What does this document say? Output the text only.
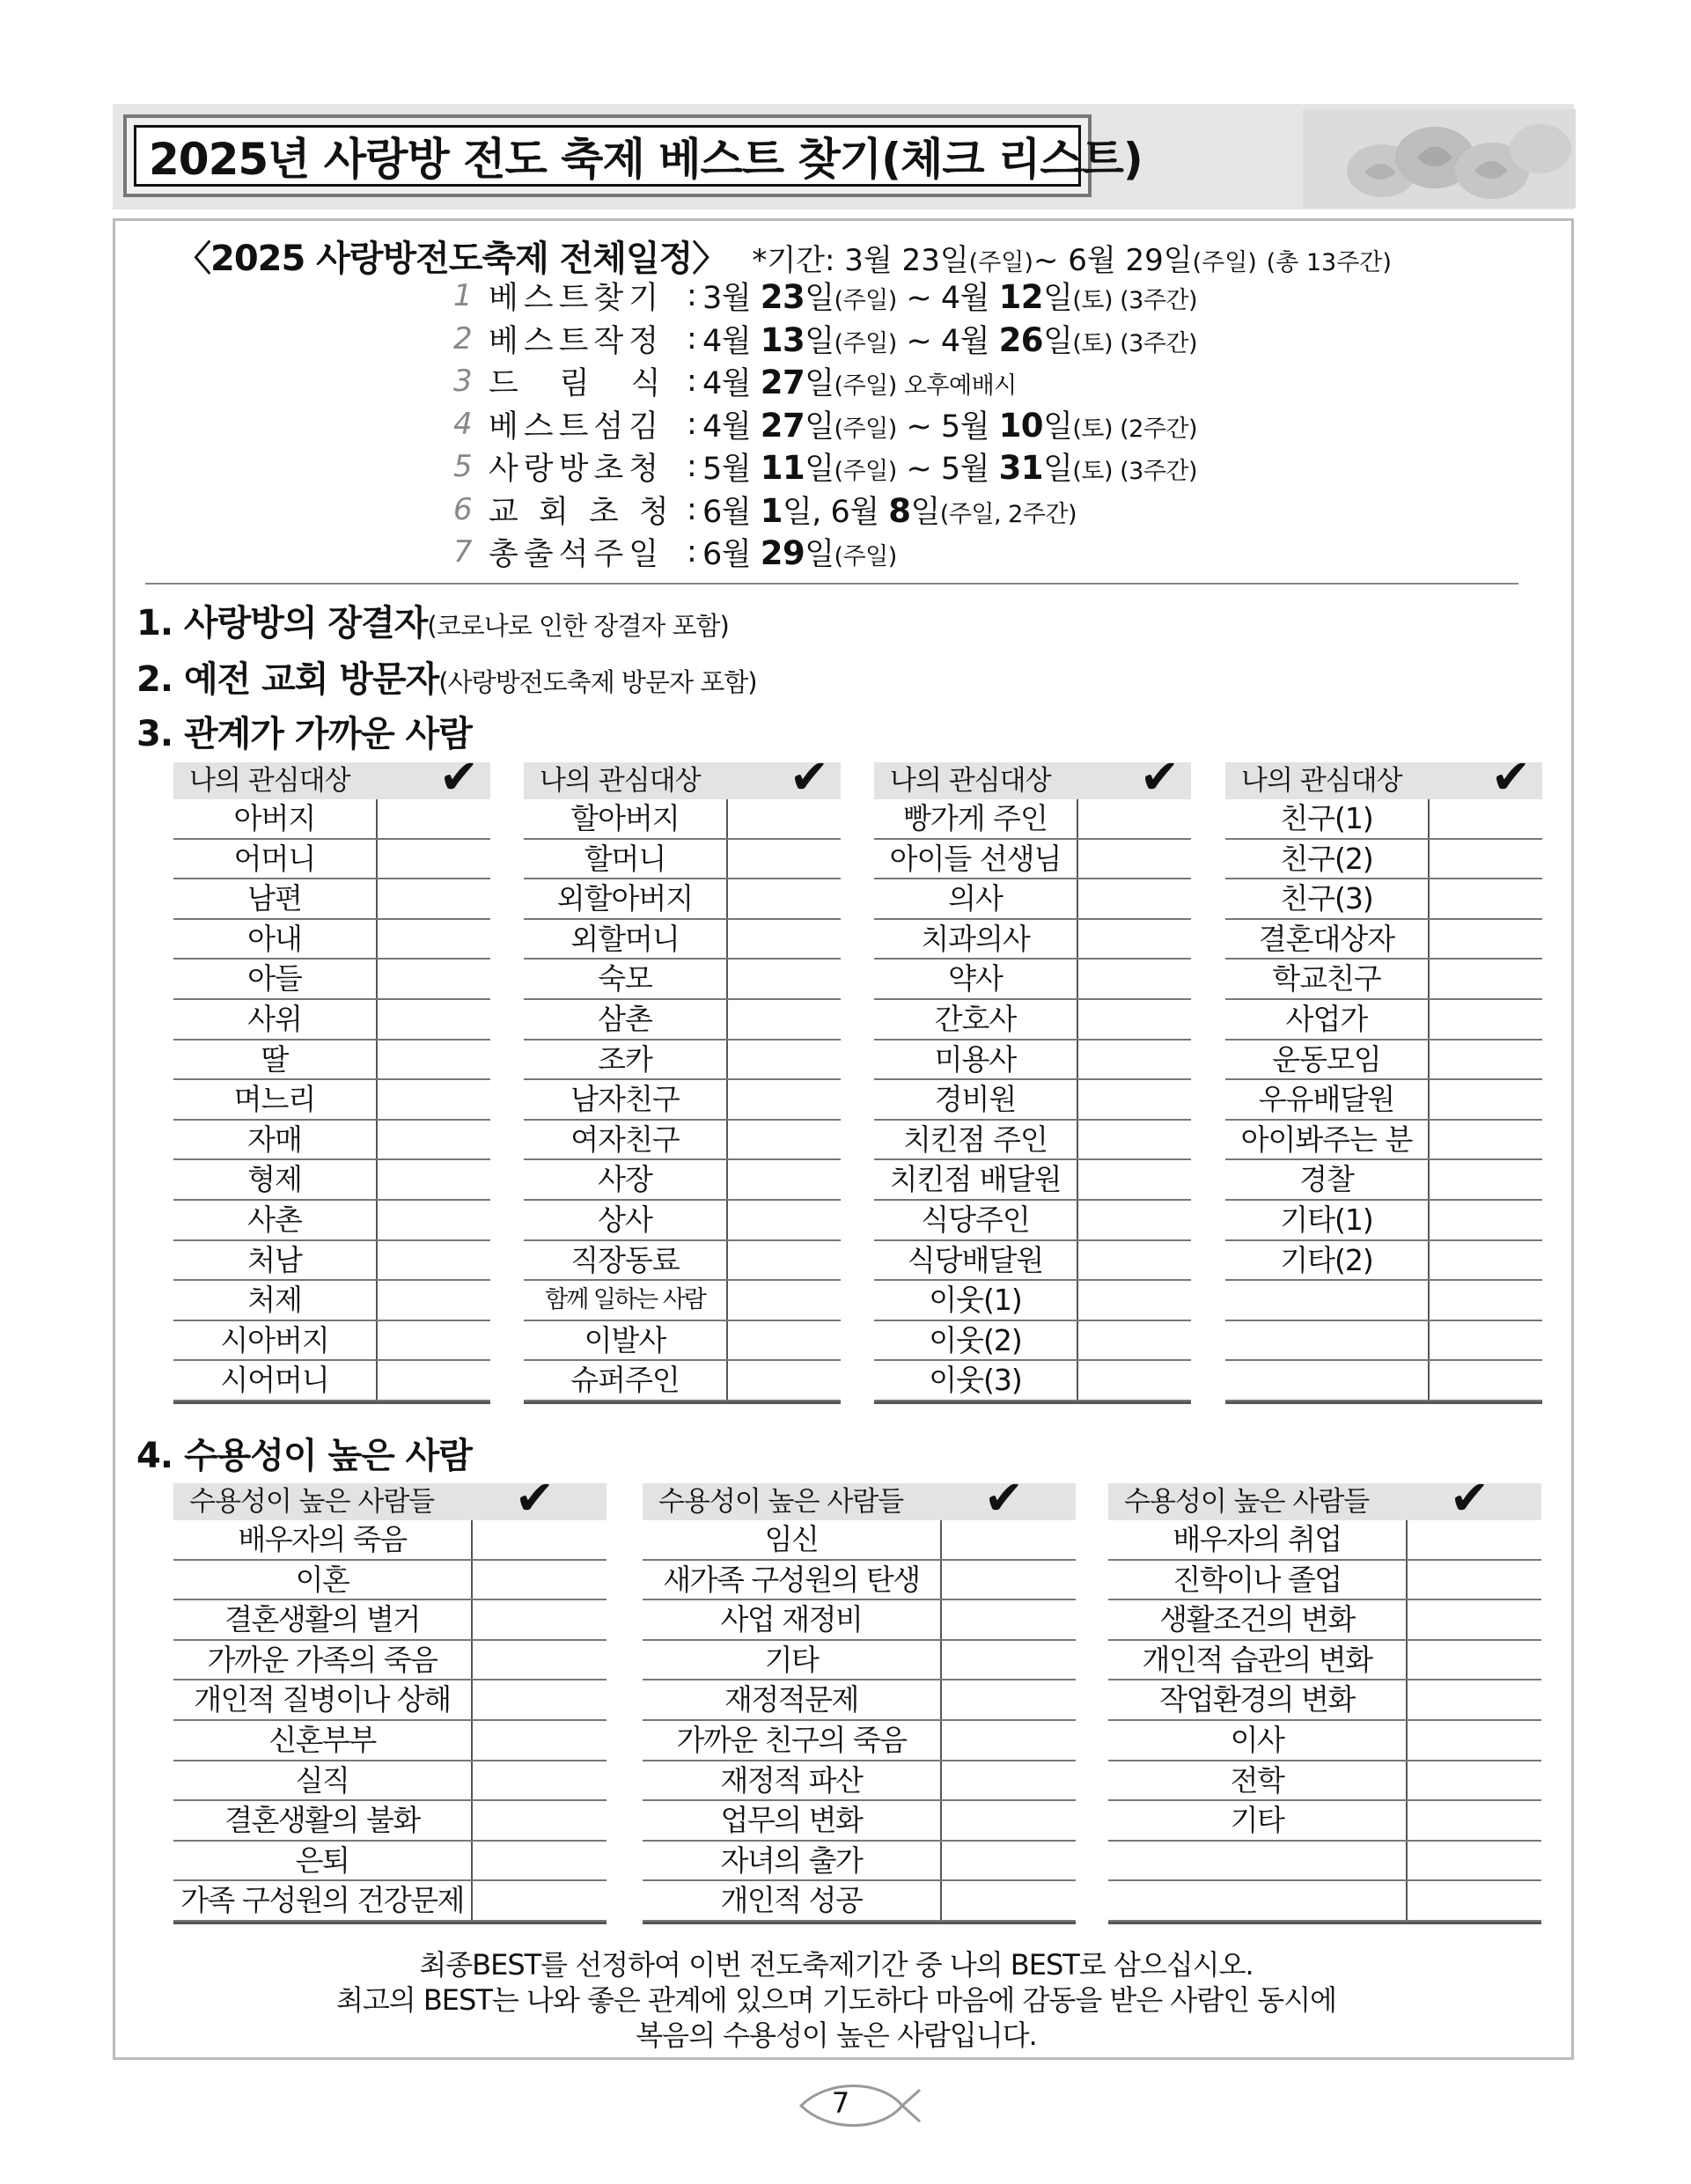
2025년 사랑방 전도 축제 베스트 찾기(체크 리스트)
〈2025 사랑방전도축제 전체일정〉 *기간: 3월 23일(주일)~ 6월 29일(주일) (총 13주간)
1 베스트찾기 : 3월 23일(주일) ~ 4월 12일(토) (3주간)
2 베스트작정 : 4월 13일(주일) ~ 4월 26일(토) (3주간)
3 드　림　식 : 4월 27일(주일) 오후예배시
4 베스트섬김 : 4월 27일(주일) ~ 5월 10일(토) (2주간)
5 사랑방초청 : 5월 11일(주일) ~ 5월 31일(토) (3주간)
6 교 회 초 청 : 6월 1일, 6월 8일(주일, 2주간)
7 총출석주일 : 6월 29일(주일)
1. 사랑방의 장결자(코로나로 인한 장결자 포함)
2. 예전 교회 방문자(사랑방전도축제 방문자 포함)
3. 관계가 가까운 사람
4. 수용성이 높은 사람
나의 관심대상 ✔
아버지
어머니
남편
아내
아들
사위
딸
며느리
자매
형제
사촌
처남
처제
시아버지
시어머니
나의 관심대상 ✔
할아버지
할머니
외할아버지
외할머니
숙모
삼촌
조카
남자친구
여자친구
사장
상사
직장동료
함께 일하는 사람
이발사
슈퍼주인
나의 관심대상 ✔
빵가게 주인
아이들 선생님
의사
치과의사
약사
간호사
미용사
경비원
치킨점 주인
치킨점 배달원
식당주인
식당배달원
이웃(1)
이웃(2)
이웃(3)
나의 관심대상 ✔
친구(1)
친구(2)
친구(3)
결혼대상자
학교친구
사업가
운동모임
우유배달원
아이봐주는 분
경찰
기타(1)
기타(2)
수용성이 높은 사람들 ✔
배우자의 죽음
이혼
결혼생활의 별거
가까운 가족의 죽음
개인적 질병이나 상해
신혼부부
실직
결혼생활의 불화
은퇴
가족 구성원의 건강문제
수용성이 높은 사람들 ✔
임신
새가족 구성원의 탄생
사업 재정비
기타
재정적문제
가까운 친구의 죽음
재정적 파산
업무의 변화
자녀의 출가
개인적 성공
수용성이 높은 사람들 ✔
배우자의 취업
진학이나 졸업
생활조건의 변화
개인적 습관의 변화
작업환경의 변화
이사
전학
기타
최종BEST를 선정하여 이번 전도축제기간 중 나의 BEST로 삼으십시오.
최고의 BEST는 나와 좋은 관계에 있으며 기도하다 마음에 감동을 받은 사람인 동시에
복음의 수용성이 높은 사람입니다.
7
